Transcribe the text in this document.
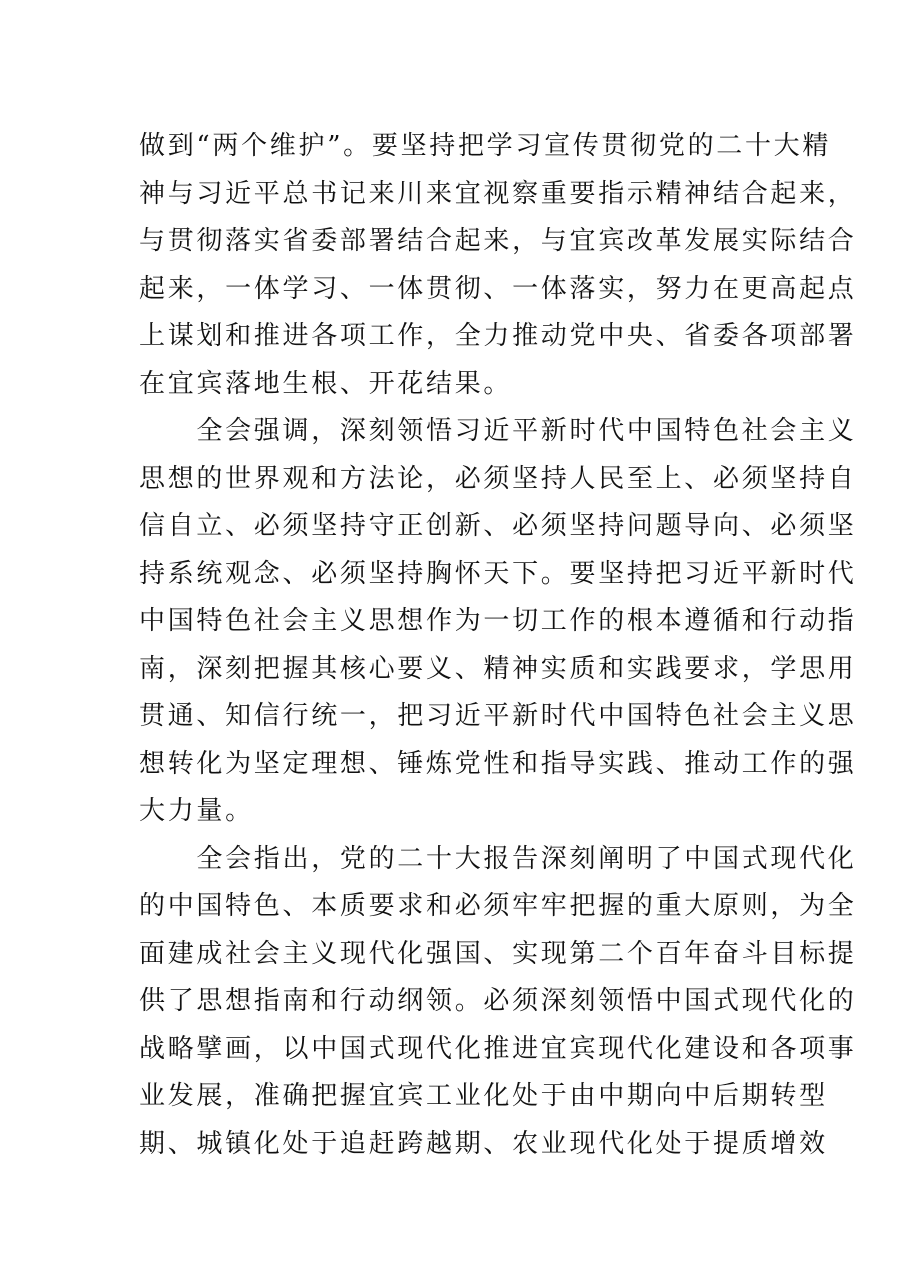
做到“两个维护”。要坚持把学习宣传贯彻党的二十大精
神与习近平总书记来川来宜视察重要指示精神结合起来，
与贯彻落实省委部署结合起来，与宜宾改革发展实际结合
起来，一体学习、一体贯彻、一体落实，努力在更高起点
上谋划和推进各项工作，全力推动党中央、省委各项部署
在宜宾落地生根、开花结果。
　　全会强调，深刻领悟习近平新时代中国特色社会主义
思想的世界观和方法论，必须坚持人民至上、必须坚持自
信自立、必须坚持守正创新、必须坚持问题导向、必须坚
持系统观念、必须坚持胸怀天下。要坚持把习近平新时代
中国特色社会主义思想作为一切工作的根本遵循和行动指
南，深刻把握其核心要义、精神实质和实践要求，学思用
贯通、知信行统一，把习近平新时代中国特色社会主义思
想转化为坚定理想、锤炼党性和指导实践、推动工作的强
大力量。
　　全会指出，党的二十大报告深刻阐明了中国式现代化
的中国特色、本质要求和必须牢牢把握的重大原则，为全
面建成社会主义现代化强国、实现第二个百年奋斗目标提
供了思想指南和行动纲领。必须深刻领悟中国式现代化的
战略擘画，以中国式现代化推进宜宾现代化建设和各项事
业发展，准确把握宜宾工业化处于由中期向中后期转型
期、城镇化处于追赶跨越期、农业现代化处于提质增效
